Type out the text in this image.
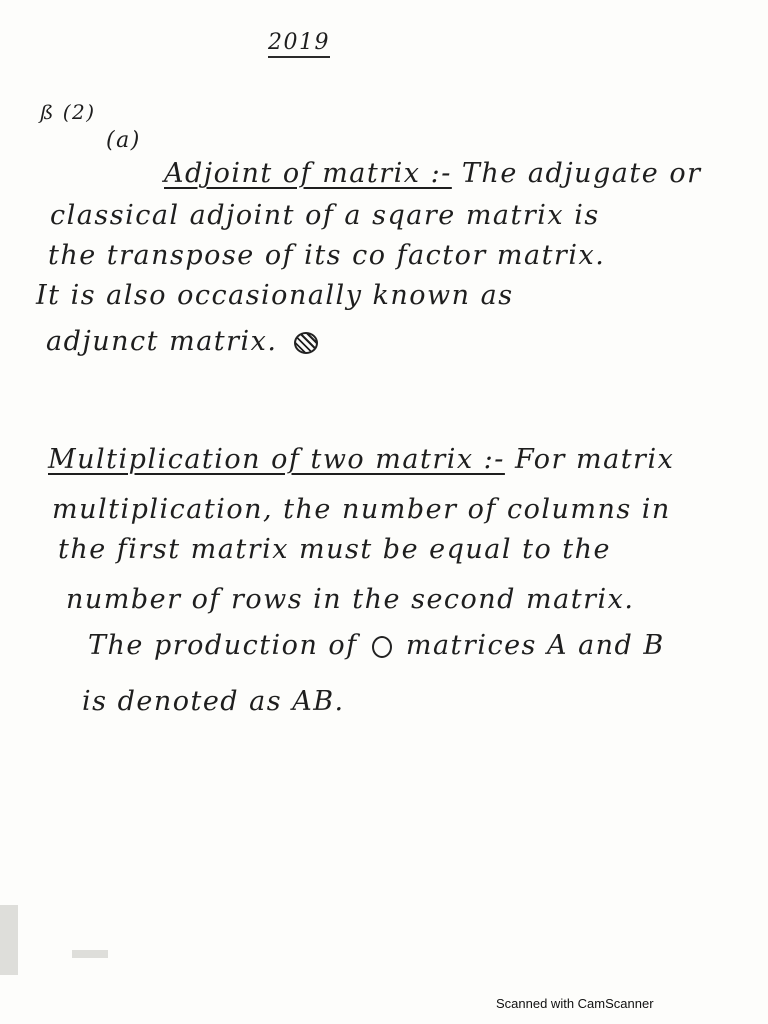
2019
ß (2)
(a)
Adjoint of matrix :- The adjugate or
classical adjoint of a sqare matrix is
the transpose of its co factor matrix.
It is also occasionally known as
adjunct matrix.
Multiplication of two matrix :- For matrix
multiplication, the number of columns in
the first matrix must be equal to the
number of rows in the second matrix.
The production of matrices A and B
is denoted as AB.
Scanned with CamScanner
